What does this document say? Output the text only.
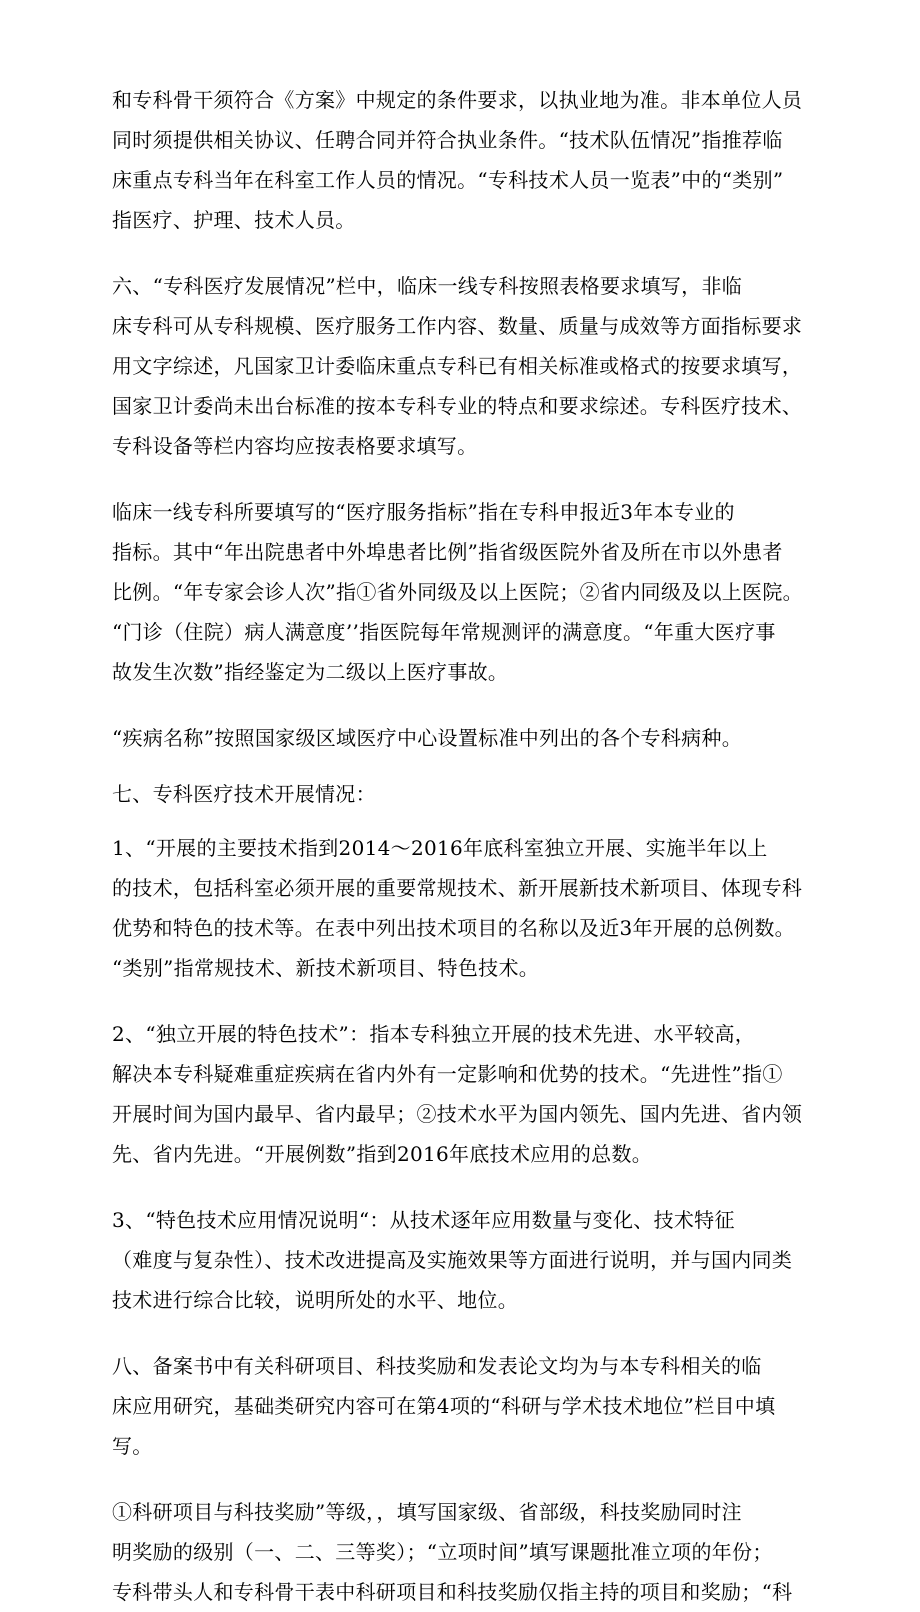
和专科骨干须符合《方案》中规定的条件要求，以执业地为准。非本单位人员
同时须提供相关协议、任聘合同并符合执业条件。“技术队伍情况”指推荐临
床重点专科当年在科室工作人员的情况。“专科技术人员一览表”中的“类别”
指医疗、护理、技术人员。

六、“专科医疗发展情况”栏中，临床一线专科按照表格要求填写，非临
床专科可从专科规模、医疗服务工作内容、数量、质量与成效等方面指标要求
用文字综述，凡国家卫计委临床重点专科已有相关标准或格式的按要求填写，
国家卫计委尚未出台标准的按本专科专业的特点和要求综述。专科医疗技术、
专科设备等栏内容均应按表格要求填写。

临床一线专科所要填写的“医疗服务指标”指在专科申报近3年本专业的
指标。其中“年出院患者中外埠患者比例”指省级医院外省及所在市以外患者
比例。“年专家会诊人次”指①省外同级及以上医院；②省内同级及以上医院。
“门诊（住院）病人满意度’’指医院每年常规测评的满意度。“年重大医疗事
故发生次数”指经鉴定为二级以上医疗事故。

“疾病名称”按照国家级区域医疗中心设置标准中列出的各个专科病种。

七、专科医疗技术开展情况：

1、“开展的主要技术指到2014～2016年底科室独立开展、实施半年以上
的技术，包括科室必须开展的重要常规技术、新开展新技术新项目、体现专科
优势和特色的技术等。在表中列出技术项目的名称以及近3年开展的总例数。
“类别”指常规技术、新技术新项目、特色技术。

2、“独立开展的特色技术”：指本专科独立开展的技术先进、水平较高，
解决本专科疑难重症疾病在省内外有一定影响和优势的技术。“先进性”指①
开展时间为国内最早、省内最早；②技术水平为国内领先、国内先进、省内领
先、省内先进。“开展例数”指到2016年底技术应用的总数。

3、“特色技术应用情况说明“：从技术逐年应用数量与变化、技术特征
（难度与复杂性）、技术改进提高及实施效果等方面进行说明，并与国内同类
技术进行综合比较，说明所处的水平、地位。

八、备案书中有关科研项目、科技奖励和发表论文均为与本专科相关的临
床应用研究，基础类研究内容可在第4项的“科研与学术技术地位”栏目中填
写。

①科研项目与科技奖励”等级，，填写国家级、省部级，科技奖励同时注
明奖励的级别（一、二、三等奖）；“立项时间”填写课题批准立项的年份；
专科带头人和专科骨干表中科研项目和科技奖励仅指主持的项目和奖励；“科
